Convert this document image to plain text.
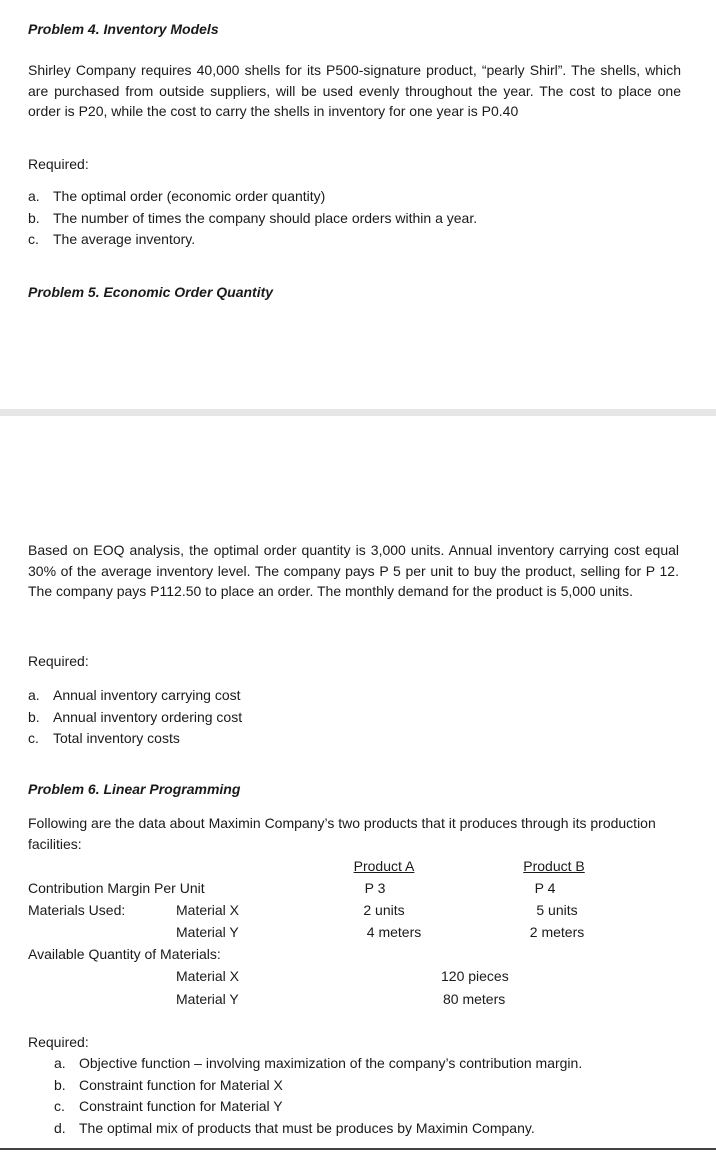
Problem 4. Inventory Models
Shirley Company requires 40,000 shells for its P500-signature product, “pearly Shirl”. The shells, which are purchased from outside suppliers, will be used evenly throughout the year. The cost to place one order is P20, while the cost to carry the shells in inventory for one year is P0.40
Required:
a. The optimal order (economic order quantity)
b. The number of times the company should place orders within a year.
c. The average inventory.
Problem 5. Economic Order Quantity
Based on EOQ analysis, the optimal order quantity is 3,000 units. Annual inventory carrying cost equal 30% of the average inventory level. The company pays P 5 per unit to buy the product, selling for P 12. The company pays P112.50 to place an order. The monthly demand for the product is 5,000 units.
Required:
a. Annual inventory carrying cost
b. Annual inventory ordering cost
c. Total inventory costs
Problem 6. Linear Programming
Following are the data about Maximin Company’s two products that it produces through its production facilities:
Product A	Product B
Contribution Margin Per Unit	P 3	P 4
Materials Used:	Material X	2 units	5 units
Material Y	4 meters	2 meters
Available Quantity of Materials:
Material X	120 pieces
Material Y	80 meters
Required:
a. Objective function – involving maximization of the company’s contribution margin.
b. Constraint function for Material X
c. Constraint function for Material Y
d. The optimal mix of products that must be produces by Maximin Company.
